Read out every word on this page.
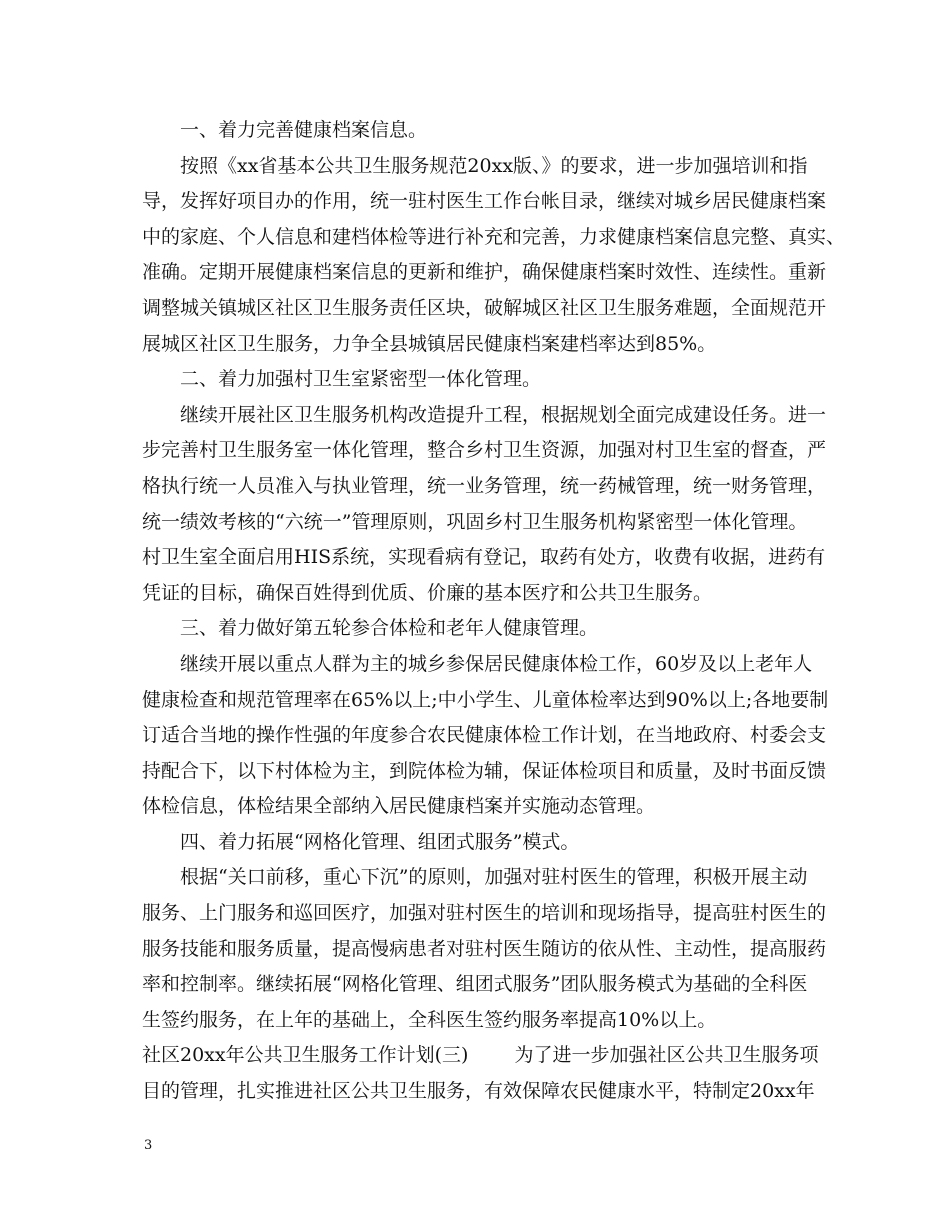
一、着力完善健康档案信息。
按照《xx省基本公共卫生服务规范20xx版、》的要求，进一步加强培训和指
导，发挥好项目办的作用，统一驻村医生工作台帐目录，继续对城乡居民健康档案
中的家庭、个人信息和建档体检等进行补充和完善，力求健康档案信息完整、真实、
准确。定期开展健康档案信息的更新和维护，确保健康档案时效性、连续性。重新
调整城关镇城区社区卫生服务责任区块，破解城区社区卫生服务难题，全面规范开
展城区社区卫生服务，力争全县城镇居民健康档案建档率达到85%。
二、着力加强村卫生室紧密型一体化管理。
继续开展社区卫生服务机构改造提升工程，根据规划全面完成建设任务。进一
步完善村卫生服务室一体化管理，整合乡村卫生资源，加强对村卫生室的督查，严
格执行统一人员准入与执业管理，统一业务管理，统一药械管理，统一财务管理，
统一绩效考核的“六统一”管理原则，巩固乡村卫生服务机构紧密型一体化管理。
村卫生室全面启用HIS系统，实现看病有登记，取药有处方，收费有收据，进药有
凭证的目标，确保百姓得到优质、价廉的基本医疗和公共卫生服务。
三、着力做好第五轮参合体检和老年人健康管理。
继续开展以重点人群为主的城乡参保居民健康体检工作，60岁及以上老年人
健康检查和规范管理率在65%以上;中小学生、儿童体检率达到90%以上;各地要制
订适合当地的操作性强的年度参合农民健康体检工作计划，在当地政府、村委会支
持配合下，以下村体检为主，到院体检为辅，保证体检项目和质量，及时书面反馈
体检信息，体检结果全部纳入居民健康档案并实施动态管理。
四、着力拓展“网格化管理、组团式服务”模式。
根据“关口前移，重心下沉”的原则，加强对驻村医生的管理，积极开展主动
服务、上门服务和巡回医疗，加强对驻村医生的培训和现场指导，提高驻村医生的
服务技能和服务质量，提高慢病患者对驻村医生随访的依从性、主动性，提高服药
率和控制率。继续拓展“网格化管理、组团式服务”团队服务模式为基础的全科医
生签约服务，在上年的基础上，全科医生签约服务率提高10%以上。
社区20xx年公共卫生服务工作计划(三) 为了进一步加强社区公共卫生服务项
目的管理，扎实推进社区公共卫生服务，有效保障农民健康水平，特制定20xx年
3
